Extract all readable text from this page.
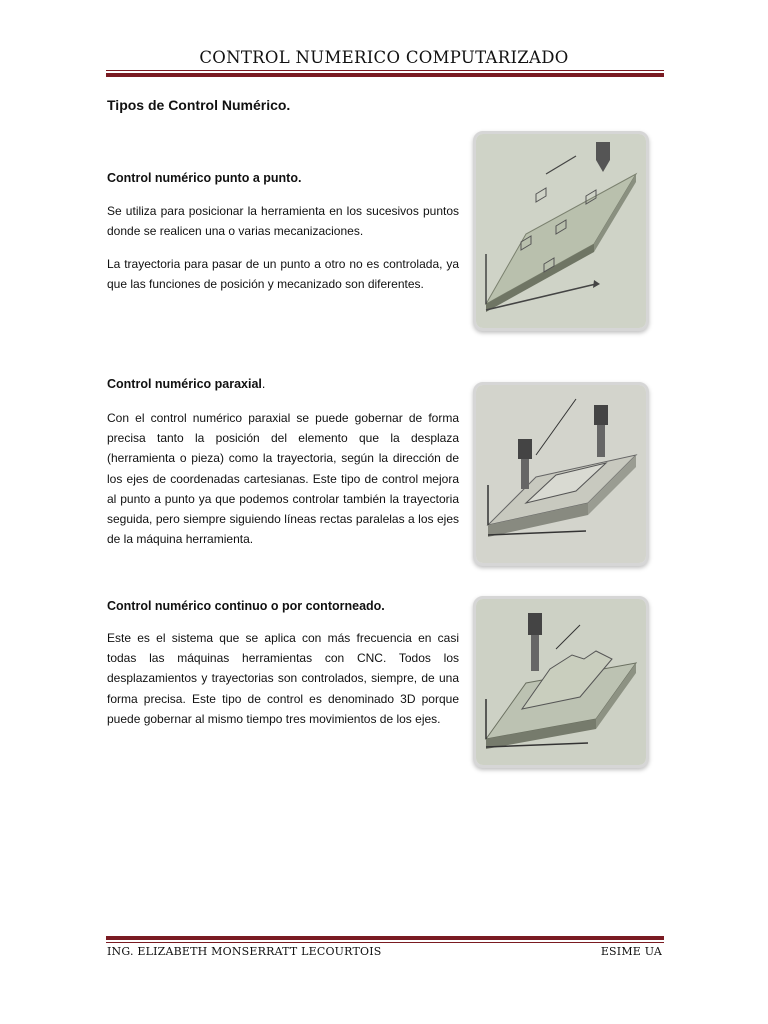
CONTROL NUMERICO COMPUTARIZADO
Tipos de Control Numérico.
Control numérico punto a punto.

Se utiliza para posicionar la herramienta en los sucesivos puntos donde se realicen una o varias mecanizaciones.

La trayectoria para pasar de un punto a otro no es controlada, ya que las funciones de posición y mecanizado son diferentes.

Control numérico paraxial.

Con el control numérico paraxial se puede gobernar de forma precisa tanto la posición del elemento que la desplaza (herramienta o pieza) como la trayectoria, según la dirección de los ejes de coordenadas cartesianas. Este tipo de control mejora al punto a punto ya que podemos controlar también la trayectoria seguida, pero siempre siguiendo líneas rectas paralelas a los ejes de la máquina herramienta.

Control numérico continuo o por contorneado.

Este es el sistema que se aplica con más frecuencia en casi todas las máquinas herramientas con CNC. Todos los desplazamientos y trayectorias son controlados, siempre, de una forma precisa. Este tipo de control es denominado 3D porque puede gobernar al mismo tiempo tres movimientos de los ejes.

ING. ELIZABETH MONSERRATT LECOURTOIS	ESIME UA
